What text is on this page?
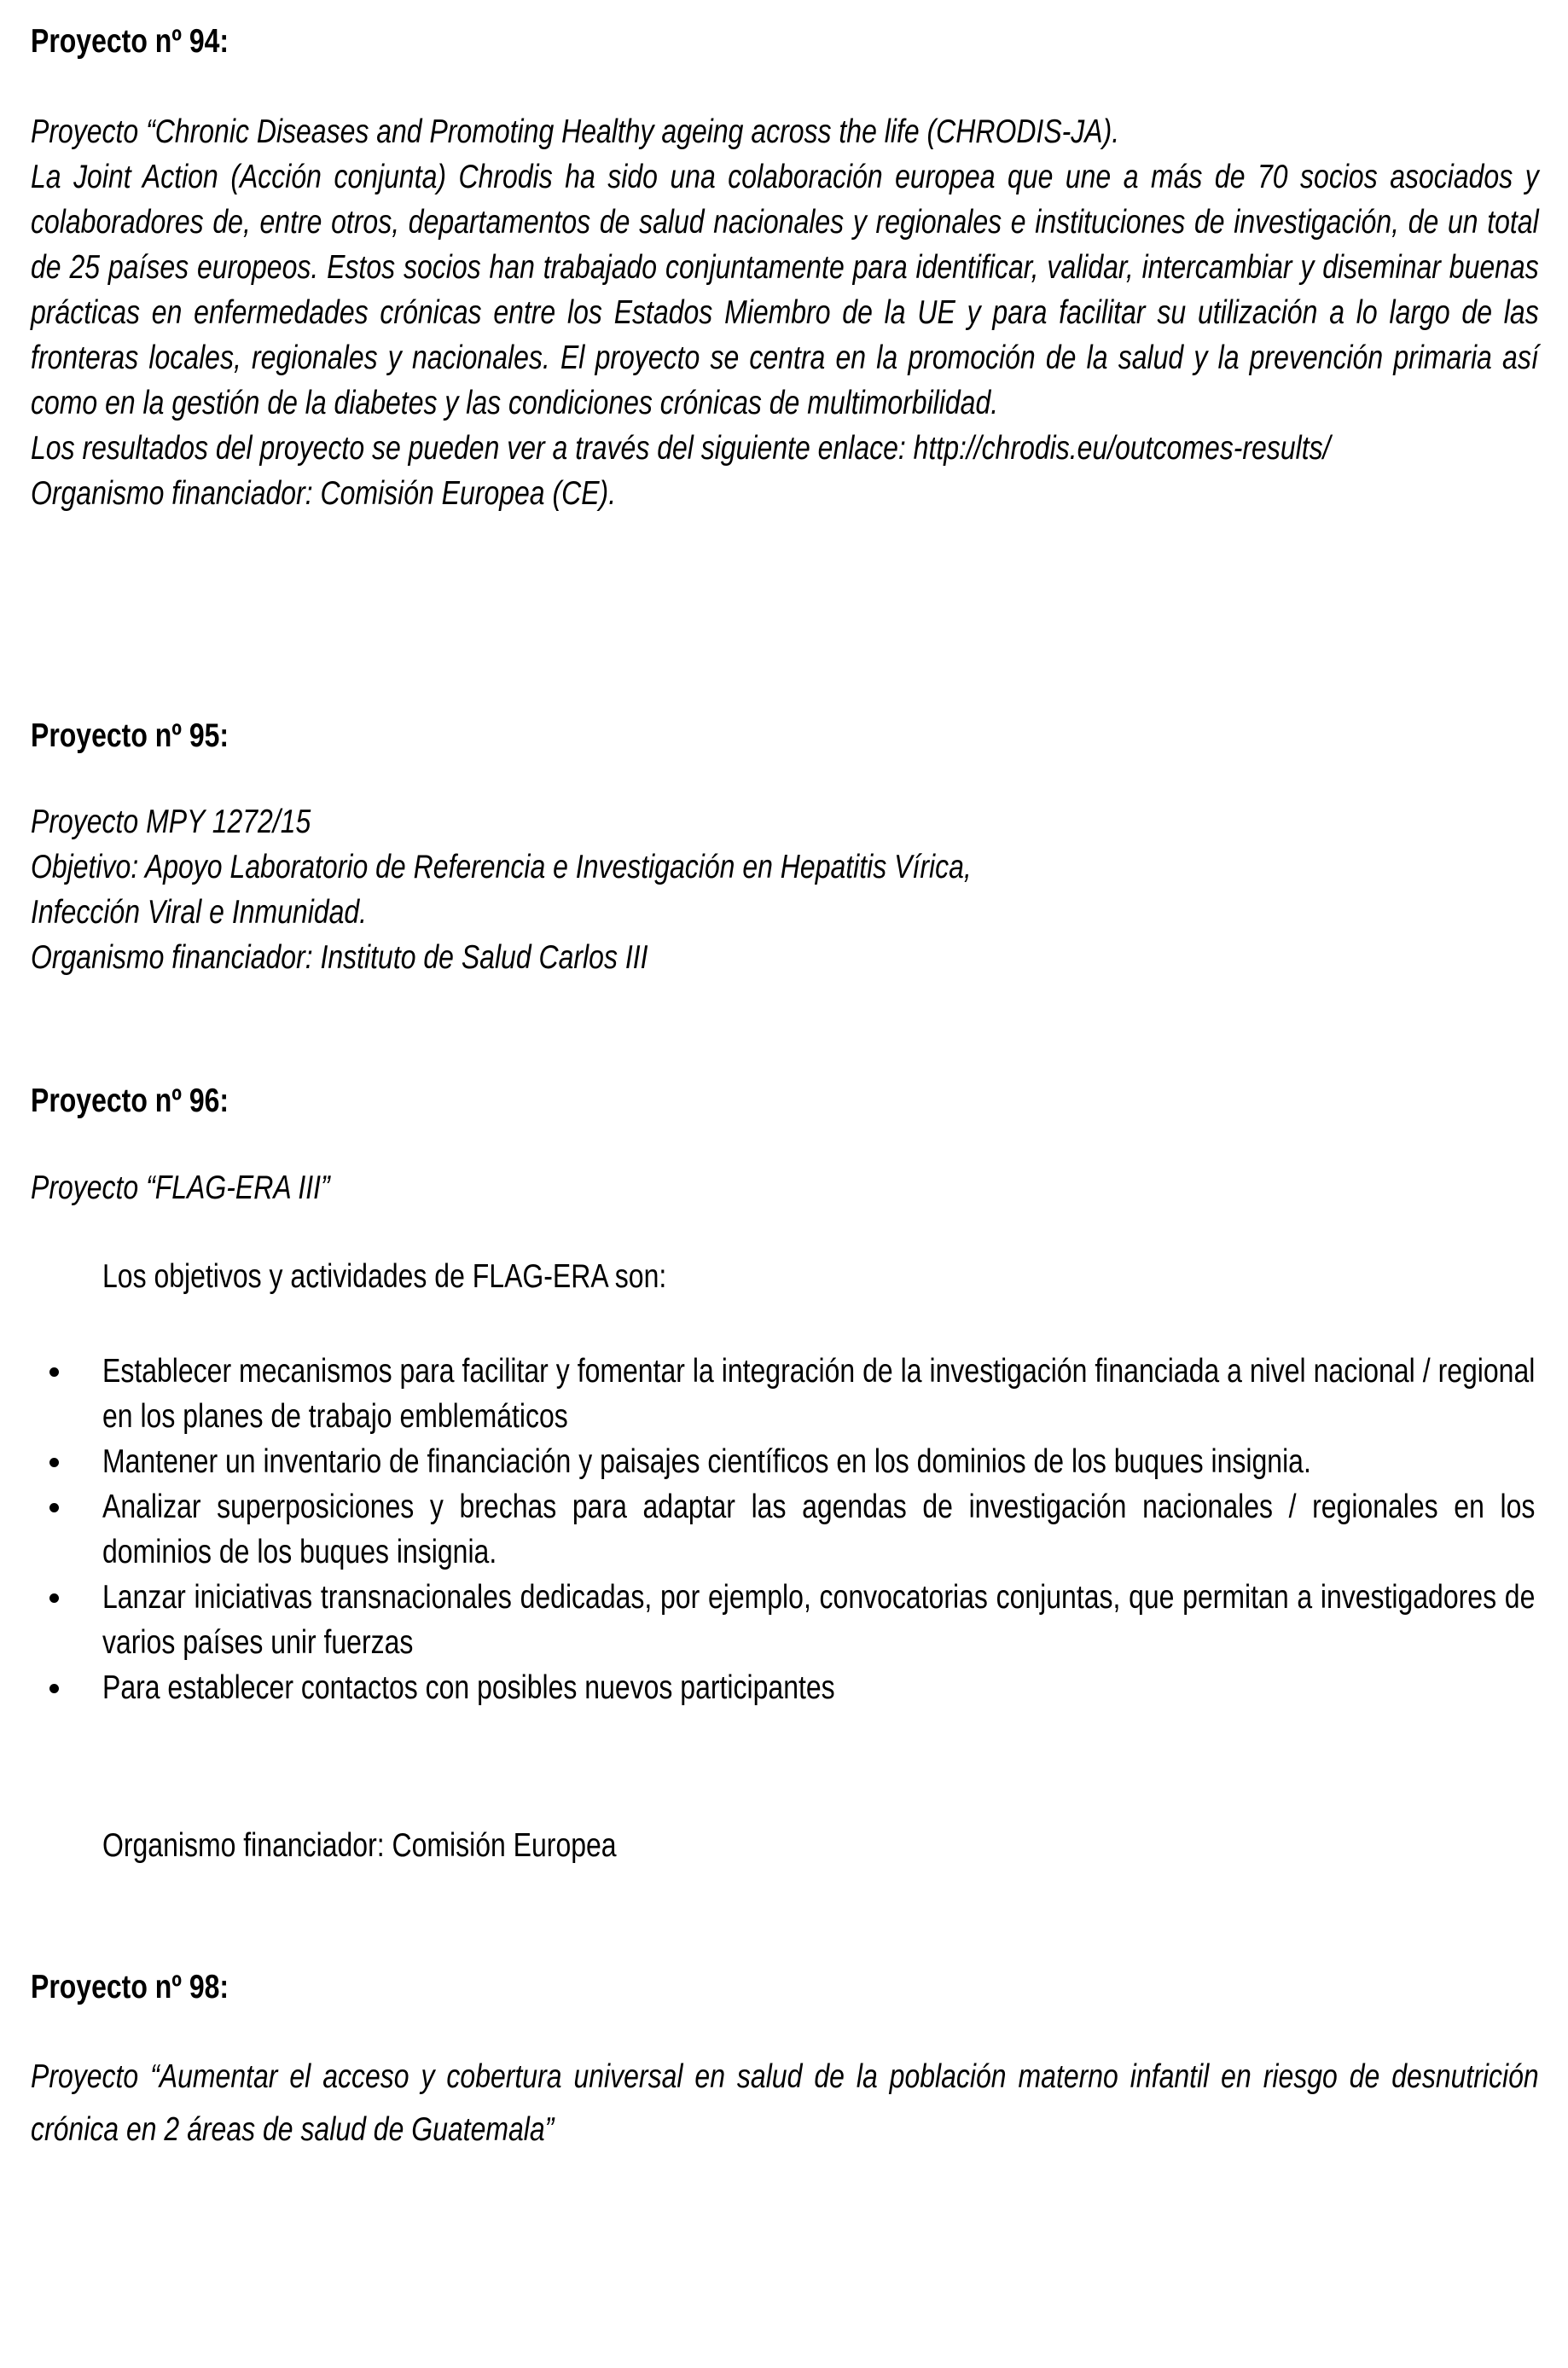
Proyecto nº 94:
Proyecto “Chronic Diseases and Promoting Healthy ageing across the life (CHRODIS-JA).
La Joint Action (Acción conjunta) Chrodis ha sido una colaboración europea que une a más de 70 socios asociados y colaboradores de, entre otros, departamentos de salud nacionales y regionales e instituciones de investigación, de un total de 25 países europeos. Estos socios han trabajado conjuntamente para identificar, validar, intercambiar y diseminar buenas prácticas en enfermedades crónicas entre los Estados Miembro de la UE y para facilitar su utilización a lo largo de las fronteras locales, regionales y nacionales. El proyecto se centra en la promoción de la salud y la prevención primaria así como en la gestión de la diabetes y las condiciones crónicas de multimorbilidad.
Los resultados del proyecto se pueden ver a través del siguiente enlace: http://chrodis.eu/outcomes-results/
Organismo financiador: Comisión Europea (CE).
Proyecto nº 95:
Proyecto MPY 1272/15
Objetivo: Apoyo Laboratorio de Referencia e Investigación en Hepatitis Vírica, Infección Viral e Inmunidad.
Organismo financiador: Instituto de Salud Carlos III
Proyecto nº 96:
Proyecto “FLAG-ERA III”
Los objetivos y actividades de FLAG-ERA son:
Establecer mecanismos para facilitar y fomentar la integración de la investigación financiada a nivel nacional / regional en los planes de trabajo emblemáticos
Mantener un inventario de financiación y paisajes científicos en los dominios de los buques insignia.
Analizar superposiciones y brechas para adaptar las agendas de investigación nacionales / regionales en los dominios de los buques insignia.
Lanzar iniciativas transnacionales dedicadas, por ejemplo, convocatorias conjuntas, que permitan a investigadores de varios países unir fuerzas
Para establecer contactos con posibles nuevos participantes
Organismo financiador: Comisión Europea
Proyecto nº 98:
Proyecto “Aumentar el acceso y cobertura universal en salud de la población materno infantil en riesgo de desnutrición crónica en 2 áreas de salud de Guatemala”
